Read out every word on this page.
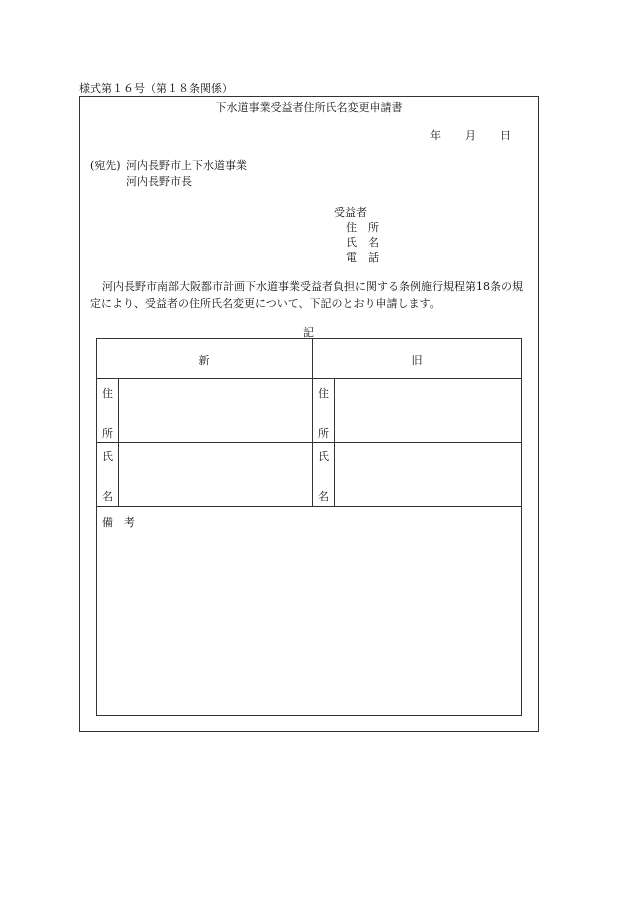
様式第１６号（第１８条関係）
下水道事業受益者住所氏名変更申請書
年 月 日
(宛先) 河内長野市上下水道事業
河内長野市長
受益者
住　所
氏　名
電　話
河内長野市南部大阪都市計画下水道事業受益者負担に関する条例施行規程第18条の規定により、受益者の住所氏名変更について、下記のとおり申請します。
記
新	旧
住
所
住
所
氏
名
氏
名
備　考
